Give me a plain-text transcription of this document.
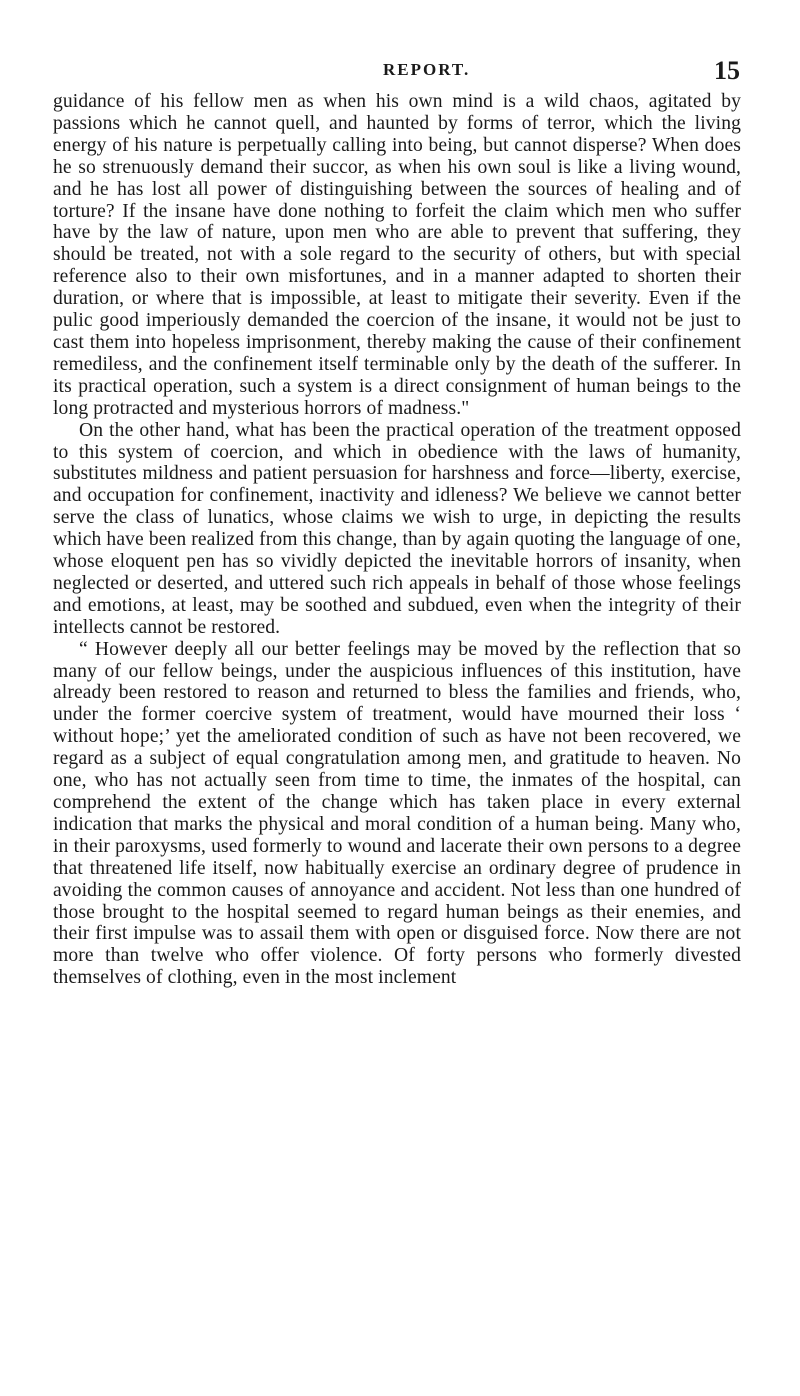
REPORT.	15

guidance of his fellow men as when his own mind is a wild chaos, agitated by passions which he cannot quell, and haunted by forms of terror, which the living energy of his nature is perpetually calling into being, but cannot disperse? When does he so strenuously demand their succor, as when his own soul is like a living wound, and he has lost all power of distinguishing between the sources of healing and of torture? If the insane have done nothing to forfeit the claim which men who suffer have by the law of nature, upon men who are able to prevent that suffering, they should be treated, not with a sole regard to the security of others, but with special reference also to their own misfortunes, and in a manner adapted to shorten their duration, or where that is impossible, at least to mitigate their severity. Even if the pulic good imperiously demanded the coercion of the insane, it would not be just to cast them into hopeless imprisonment, thereby making the cause of their confinement remediless, and the confinement itself terminable only by the death of the sufferer. In its practical operation, such a system is a direct consignment of human beings to the long protracted and mysterious horrors of madness."

On the other hand, what has been the practical operation of the treatment opposed to this system of coercion, and which in obedience with the laws of humanity, substitutes mildness and patient persuasion for harshness and force—liberty, exercise, and occupation for confinement, inactivity and idleness? We believe we cannot better serve the class of lunatics, whose claims we wish to urge, in depicting the results which have been realized from this change, than by again quoting the language of one, whose eloquent pen has so vividly depicted the inevitable horrors of insanity, when neglected or deserted, and uttered such rich appeals in behalf of those whose feelings and emotions, at least, may be soothed and subdued, even when the integrity of their intellects cannot be restored.

“ However deeply all our better feelings may be moved by the reflection that so many of our fellow beings, under the auspicious influences of this institution, have already been restored to reason and returned to bless the families and friends, who, under the former coercive system of treatment, would have mourned their loss ‘ without hope;’ yet the ameliorated condition of such as have not been recovered, we regard as a subject of equal congratulation among men, and gratitude to heaven. No one, who has not actually seen from time to time, the inmates of the hospital, can comprehend the extent of the change which has taken place in every external indication that marks the physical and moral condition of a human being. Many who, in their paroxysms, used formerly to wound and lacerate their own persons to a degree that threatened life itself, now habitually exercise an ordinary degree of prudence in avoiding the common causes of annoyance and accident. Not less than one hundred of those brought to the hospital seemed to regard human beings as their enemies, and their first impulse was to assail them with open or disguised force. Now there are not more than twelve who offer violence. Of forty persons who formerly divested themselves of clothing, even in the most inclement
